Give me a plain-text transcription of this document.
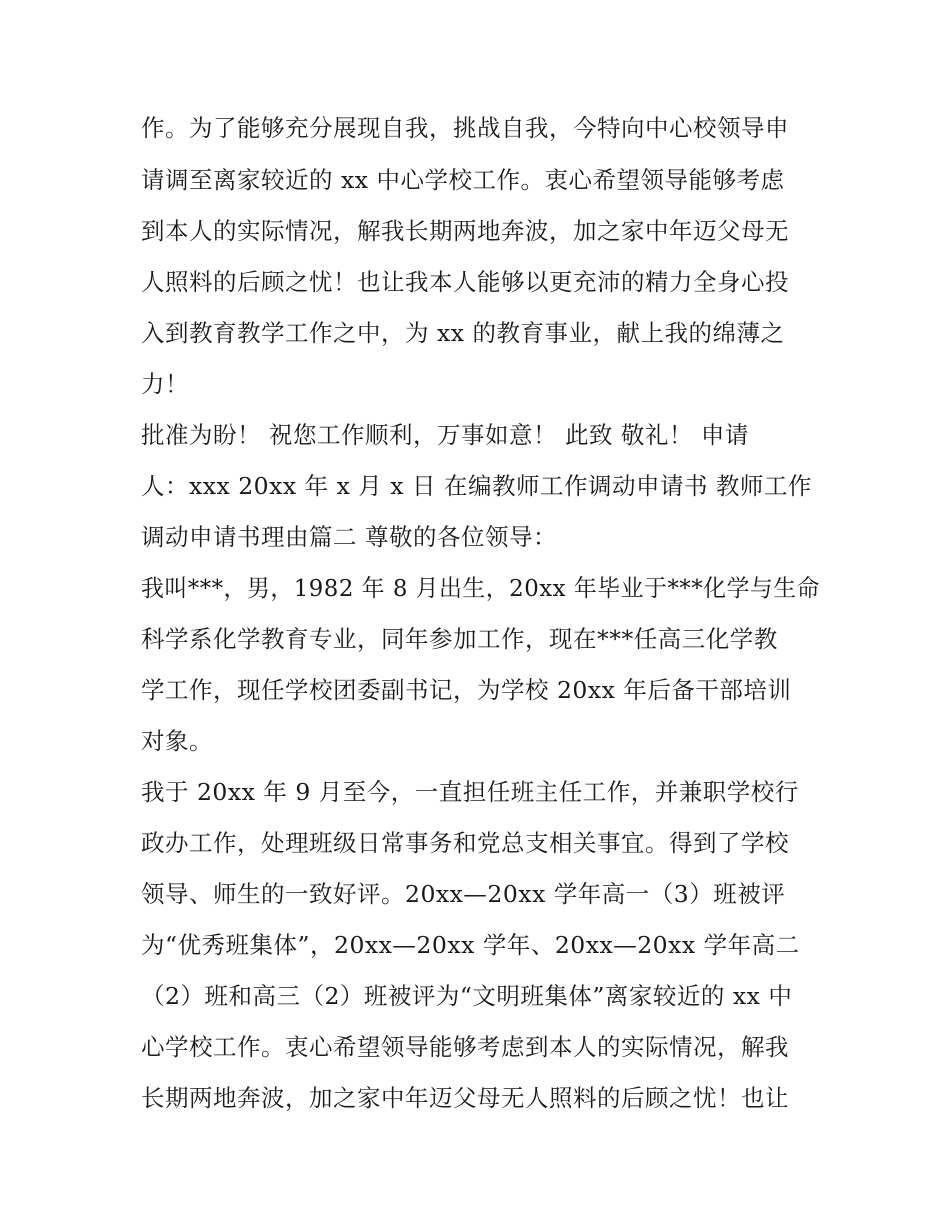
作。为了能够充分展现自我，挑战自我，今特向中心校领导申
请调至离家较近的 xx 中心学校工作。衷心希望领导能够考虑
到本人的实际情况，解我长期两地奔波，加之家中年迈父母无
人照料的后顾之忧！也让我本人能够以更充沛的精力全身心投
入到教育教学工作之中，为 xx 的教育事业，献上我的绵薄之
力！
批准为盼！ 祝您工作顺利，万事如意！ 此致 敬礼！ 申请
人：xxx 20xx 年 x 月 x 日 在编教师工作调动申请书 教师工作
调动申请书理由篇二 尊敬的各位领导：
我叫***，男，1982 年 8 月出生，20xx 年毕业于***化学与生命
科学系化学教育专业，同年参加工作，现在***任高三化学教
学工作，现任学校团委副书记，为学校 20xx 年后备干部培训
对象。
我于 20xx 年 9 月至今，一直担任班主任工作，并兼职学校行
政办工作，处理班级日常事务和党总支相关事宜。得到了学校
领导、师生的一致好评。20xx—20xx 学年高一（3）班被评
为“优秀班集体”，20xx—20xx 学年、20xx—20xx 学年高二
（2）班和高三（2）班被评为“文明班集体”离家较近的 xx 中
心学校工作。衷心希望领导能够考虑到本人的实际情况，解我
长期两地奔波，加之家中年迈父母无人照料的后顾之忧！也让
